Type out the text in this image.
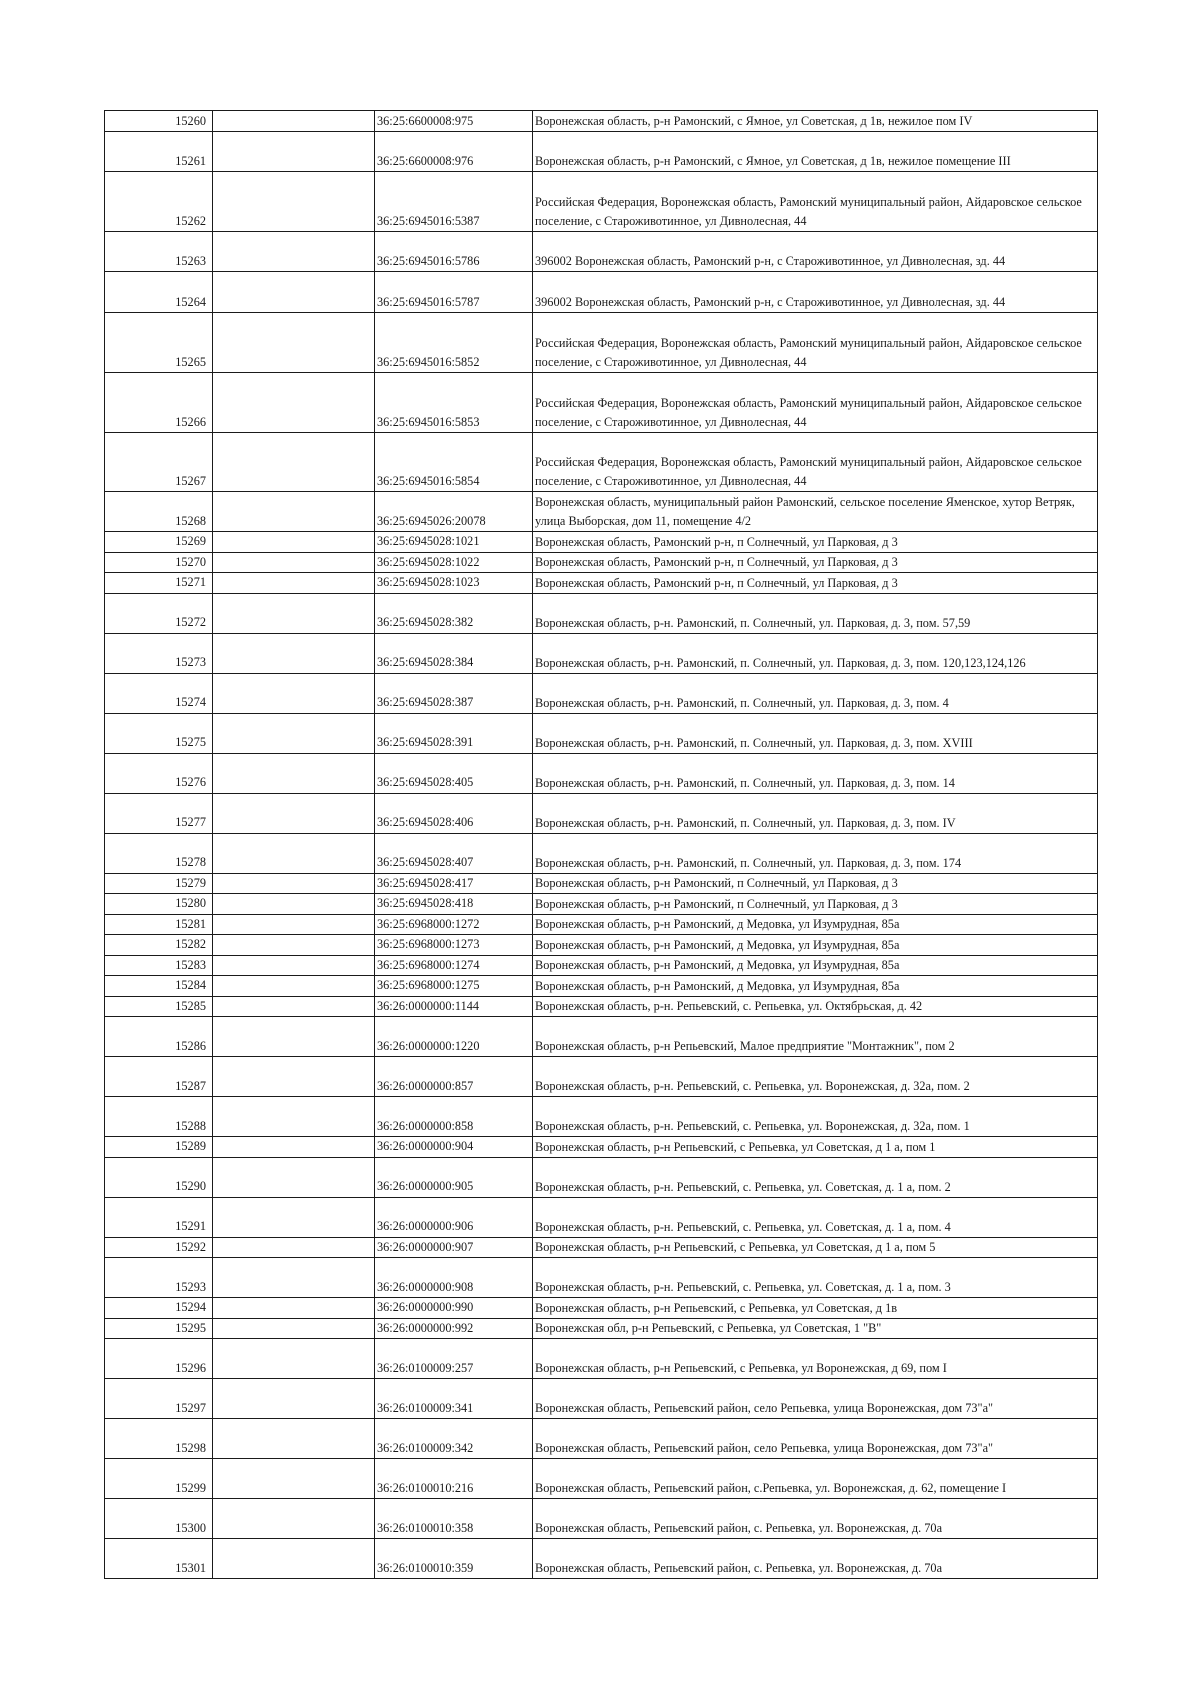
15260		36:25:6600008:975	Воронежская область, р-н Рамонский, с Ямное, ул Советская, д 1в, нежилое пом IV
15261		36:25:6600008:976	Воронежская область, р-н Рамонский, с Ямное, ул Советская, д 1в, нежилое помещение III
15262		36:25:6945016:5387	Российская Федерация, Воронежская область, Рамонский муниципальный район, Айдаровское сельское поселение, с Староживотинное, ул Дивнолесная, 44
15263		36:25:6945016:5786	396002 Воронежская область, Рамонский р-н, с Староживотинное, ул Дивнолесная, зд. 44
15264		36:25:6945016:5787	396002 Воронежская область, Рамонский р-н, с Староживотинное, ул Дивнолесная, зд. 44
15265		36:25:6945016:5852	Российская Федерация, Воронежская область, Рамонский муниципальный район, Айдаровское сельское поселение, с Староживотинное, ул Дивнолесная, 44
15266		36:25:6945016:5853	Российская Федерация, Воронежская область, Рамонский муниципальный район, Айдаровское сельское поселение, с Староживотинное, ул Дивнолесная, 44
15267		36:25:6945016:5854	Российская Федерация, Воронежская область, Рамонский муниципальный район, Айдаровское сельское поселение, с Староживотинное, ул Дивнолесная, 44
15268		36:25:6945026:20078	Воронежская область, муниципальный район Рамонский, сельское поселение Яменское, хутор Ветряк, улица Выборская, дом 11, помещение 4/2
15269		36:25:6945028:1021	Воронежская область, Рамонский р-н, п Солнечный, ул Парковая, д 3
15270		36:25:6945028:1022	Воронежская область, Рамонский р-н, п Солнечный, ул Парковая, д 3
15271		36:25:6945028:1023	Воронежская область, Рамонский р-н, п Солнечный, ул Парковая, д 3
15272		36:25:6945028:382	Воронежская область, р-н. Рамонский, п. Солнечный, ул. Парковая, д. 3, пом. 57,59
15273		36:25:6945028:384	Воронежская область, р-н. Рамонский, п. Солнечный, ул. Парковая, д. 3, пом. 120,123,124,126
15274		36:25:6945028:387	Воронежская область, р-н. Рамонский, п. Солнечный, ул. Парковая, д. 3, пом. 4
15275		36:25:6945028:391	Воронежская область, р-н. Рамонский, п. Солнечный, ул. Парковая, д. 3, пом. XVIII
15276		36:25:6945028:405	Воронежская область, р-н. Рамонский, п. Солнечный, ул. Парковая, д. 3, пом. 14
15277		36:25:6945028:406	Воронежская область, р-н. Рамонский, п. Солнечный, ул. Парковая, д. 3, пом. IV
15278		36:25:6945028:407	Воронежская область, р-н. Рамонский, п. Солнечный, ул. Парковая, д. 3, пом. 174
15279		36:25:6945028:417	Воронежская область, р-н Рамонский, п Солнечный, ул Парковая, д 3
15280		36:25:6945028:418	Воронежская область, р-н Рамонский, п Солнечный, ул Парковая, д 3
15281		36:25:6968000:1272	Воронежская область, р-н Рамонский, д Медовка, ул Изумрудная, 85а
15282		36:25:6968000:1273	Воронежская область, р-н Рамонский, д Медовка, ул Изумрудная, 85а
15283		36:25:6968000:1274	Воронежская область, р-н Рамонский, д Медовка, ул Изумрудная, 85а
15284		36:25:6968000:1275	Воронежская область, р-н Рамонский, д Медовка, ул Изумрудная, 85а
15285		36:26:0000000:1144	Воронежская область, р-н. Репьевский, с. Репьевка, ул. Октябрьская, д. 42
15286		36:26:0000000:1220	Воронежская область, р-н Репьевский, Малое предприятие "Монтажник", пом 2
15287		36:26:0000000:857	Воронежская область, р-н. Репьевский, с. Репьевка, ул. Воронежская, д. 32а, пом. 2
15288		36:26:0000000:858	Воронежская область, р-н. Репьевский, с. Репьевка, ул. Воронежская, д. 32а, пом. 1
15289		36:26:0000000:904	Воронежская область, р-н Репьевский, с Репьевка, ул Советская, д 1 а, пом 1
15290		36:26:0000000:905	Воронежская область, р-н. Репьевский, с. Репьевка, ул. Советская, д. 1 а, пом. 2
15291		36:26:0000000:906	Воронежская область, р-н. Репьевский, с. Репьевка, ул. Советская, д. 1 а, пом. 4
15292		36:26:0000000:907	Воронежская область, р-н Репьевский, с Репьевка, ул Советская, д 1 а, пом 5
15293		36:26:0000000:908	Воронежская область, р-н. Репьевский, с. Репьевка, ул. Советская, д. 1 а, пом. 3
15294		36:26:0000000:990	Воронежская область, р-н Репьевский, с Репьевка, ул Советская, д 1в
15295		36:26:0000000:992	Воронежская обл, р-н Репьевский, с Репьевка, ул Советская, 1 "В"
15296		36:26:0100009:257	Воронежская область, р-н Репьевский, с Репьевка, ул Воронежская, д 69, пом I
15297		36:26:0100009:341	Воронежская область, Репьевский район, село Репьевка, улица Воронежская, дом 73"а"
15298		36:26:0100009:342	Воронежская область, Репьевский район, село Репьевка, улица Воронежская, дом 73"а"
15299		36:26:0100010:216	Воронежская область, Репьевский район, с.Репьевка, ул. Воронежская, д. 62, помещение I
15300		36:26:0100010:358	Воронежская область, Репьевский район, с. Репьевка, ул. Воронежская, д. 70а
15301		36:26:0100010:359	Воронежская область, Репьевский район, с. Репьевка, ул. Воронежская, д. 70а
